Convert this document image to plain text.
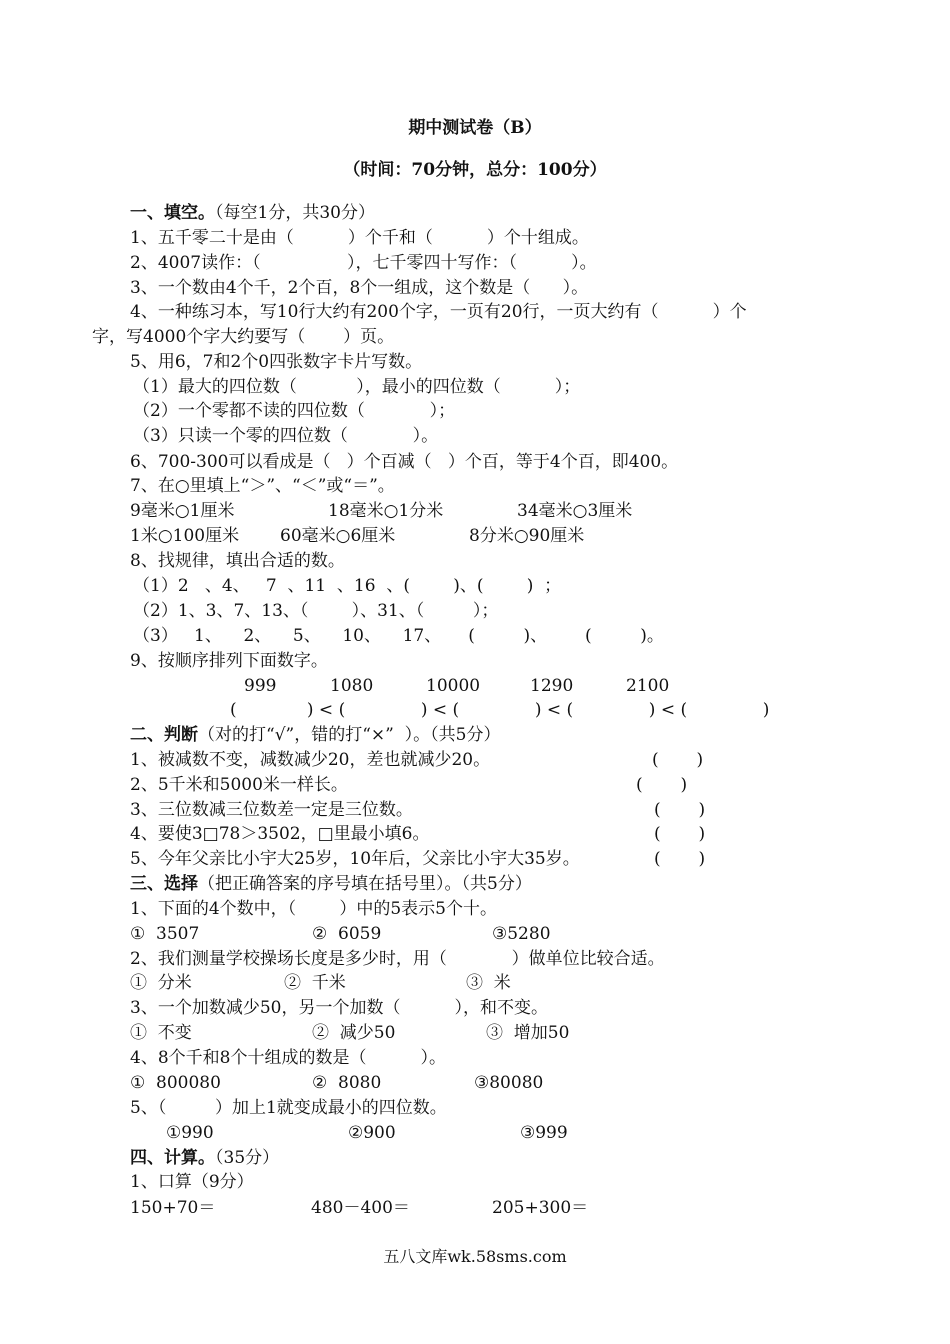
期中测试卷（B）
（时间：70分钟，总分：100分）
一、填空。（每空1分，共30分）
1、五千零二十是由（          ）个千和（          ）个十组成。
2、4007读作：（                ），七千零四十写作：（          ）。
3、一个数由4个千，2个百，8个一组成，这个数是（      ）。
4、一种练习本，写10行大约有200个字，一页有20行，一页大约有（          ）个
字，写4000个字大约要写（       ）页。
5、用6，7和2个0四张数字卡片写数。
（1）最大的四位数（           ），最小的四位数（          ）；
（2）一个零都不读的四位数（            ）；
（3）只读一个零的四位数（            ）。
6、700-300可以看成是（   ）个百减（   ）个百，等于4个百，即400。
7、在○里填上“＞”、“＜”或“＝”。
9毫米○1厘米	18毫米○1分米	34毫米○3厘米
1米○100厘米 60毫米○6厘米	8分米○90厘米
8、找规律，填出合适的数。
（1）2   、4、   7  、11  、16  、(        )、(        )  ；
（2）1、3、7、13、（        ）、31、（         ）；
（3）   1、    2、    5、    10、    17、     (         )、       (         )。
9、按顺序排列下面数字。
999	1080	10000	1290	2100
(             ) < (              ) < (              ) < (              ) < (              )
二、判断（对的打“√”，错的打“×”  ）。（共5分）
1、被减数不变，减数减少20，差也就减少20。	(       )
2、5千米和5000米一样长。	(       )
3、三位数减三位数差一定是三位数。	(       )
4、要使3□78＞3502，□里最小填6。	(       )
5、今年父亲比小宇大25岁，10年后，父亲比小宇大35岁。	(       )
三、选择（把正确答案的序号填在括号里）。（共5分）
1、下面的4个数中，（        ）中的5表示5个十。
①  3507	②  6059	③5280
2、我们测量学校操场长度是多少时，用（            ）做单位比较合适。
①  分米	②  千米	③  米
3、一个加数减少50，另一个加数（          ），和不变。
①  不变	②  减少50	③  增加50
4、8个千和8个十组成的数是（          ）。
①  800080	②  8080	③80080
5、（         ）加上1就变成最小的四位数。
①990	②900	③999
四、计算。（35分）
1、口算（9分）
150+70＝	480－400＝	205+300＝
五八文库wk.58sms.com
